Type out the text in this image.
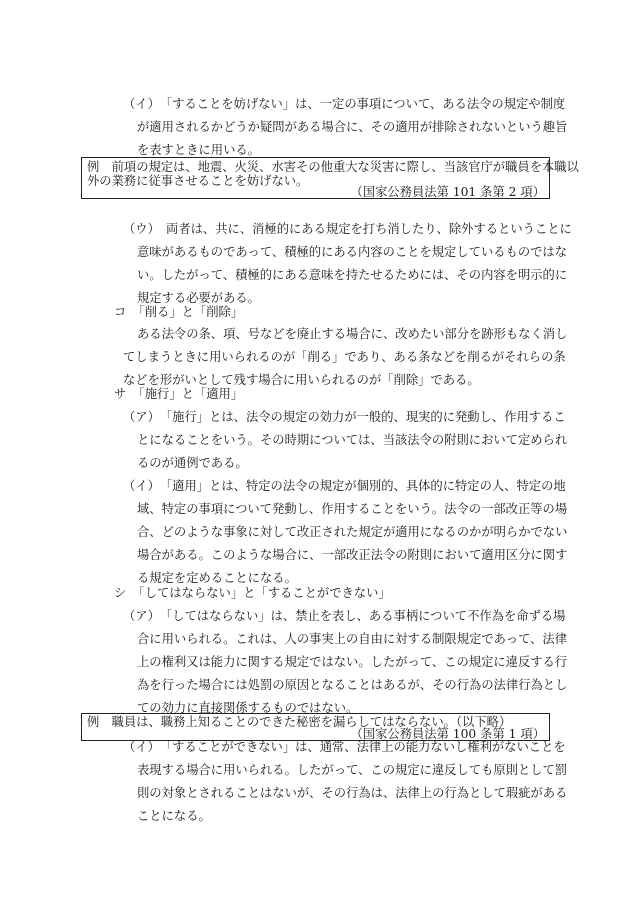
（イ）　「することを妨げない」は、一定の事項について、ある法令の規定や制度
が適用されるかどうか疑問がある場合に、その適用が排除されないという趣旨
を表すときに用いる。
例　前項の規定は、地震、火災、水害その他重大な災害に際し、当該官庁が職員を本職以
外の業務に従事させることを妨げない。
（国家公務員法第 101 条第 2 項）
（ウ）　両者は、共に、消極的にある規定を打ち消したり、除外するということに
意味があるものであって、積極的にある内容のことを規定しているものではな
い。したがって、積極的にある意味を持たせるためには、その内容を明示的に
規定する必要がある。
コ　「削る」と「削除」
ある法令の条、項、号などを廃止する場合に、改めたい部分を跡形もなく消し
てしまうときに用いられるのが「削る」であり、ある条などを削るがそれらの条
などを形がいとして残す場合に用いられるのが「削除」である。
サ　「施行」と「適用」
（ア）　「施行」とは、法令の規定の効力が一般的、現実的に発動し、作用するこ
とになることをいう。その時期については、当該法令の附則において定められ
るのが通例である。
（イ）　「適用」とは、特定の法令の規定が個別的、具体的に特定の人、特定の地
域、特定の事項について発動し、作用することをいう。法令の一部改正等の場
合、どのような事象に対して改正された規定が適用になるのかが明らかでない
場合がある。このような場合に、一部改正法令の附則において適用区分に関す
る規定を定めることになる。
シ　「してはならない」と「することができない」
（ア）　「してはならない」は、禁止を表し、ある事柄について不作為を命ずる場
合に用いられる。これは、人の事実上の自由に対する制限規定であって、法律
上の権利又は能力に関する規定ではない。したがって、この規定に違反する行
為を行った場合には処罰の原因となることはあるが、その行為の法律行為とし
ての効力に直接関係するものではない。
例　職員は、職務上知ることのできた秘密を漏らしてはならない。（以下略）
（国家公務員法第 100 条第 1 項）
（イ）　「することができない」は、通常、法律上の能力ないし権利がないことを
表現する場合に用いられる。したがって、この規定に違反しても原則として罰
則の対象とされることはないが、その行為は、法律上の行為として瑕疵がある
ことになる。
